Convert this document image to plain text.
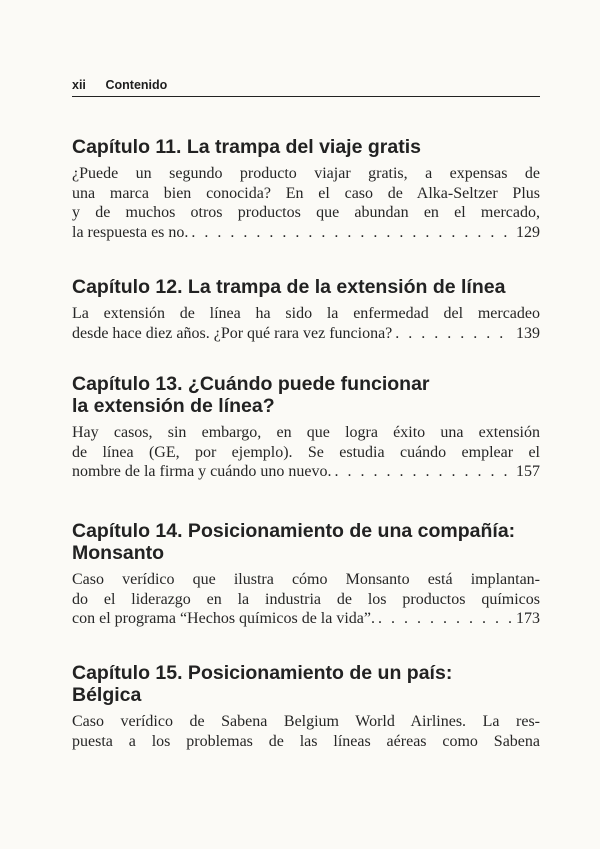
xii Contenido
Capítulo 11. La trampa del viaje gratis

¿Puede un segundo producto viajar gratis, a expensas de
una marca bien conocida? En el caso de Alka-Seltzer Plus
y de muchos otros productos que abundan en el mercado,
la respuesta es no. . . .	129

Capítulo 12. La trampa de la extensión de línea

La extensión de línea ha sido la enfermedad del mercadeo
desde hace diez años. ¿Por qué rara vez funciona? . . .	139

Capítulo 13. ¿Cuándo puede funcionar
la extensión de línea?

Hay casos, sin embargo, en que logra éxito una extensión
de línea (GE, por ejemplo). Se estudia cuándo emplear el
nombre de la firma y cuándo uno nuevo. . . .	157

Capítulo 14. Posicionamiento de una compañía:
Monsanto

Caso verídico que ilustra cómo Monsanto está implantan-
do el liderazgo en la industria de los productos químicos
con el programa “Hechos químicos de la vida”. . . .	173

Capítulo 15. Posicionamiento de un país:
Bélgica

Caso verídico de Sabena Belgium World Airlines. La res-
puesta a los problemas de las líneas aéreas como Sabena
